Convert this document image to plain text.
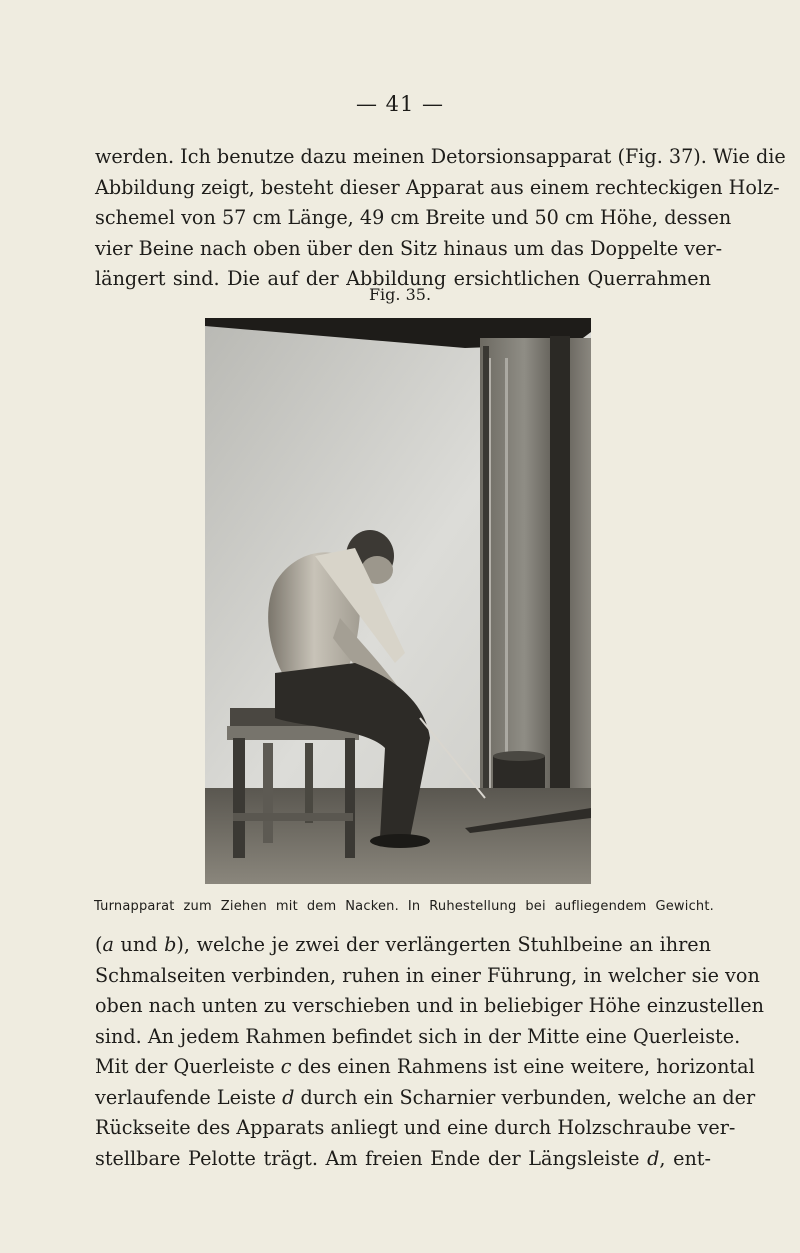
— 41 —
werden. Ich benutze dazu meinen Detorsionsapparat (Fig. 37). Wie die
Abbildung zeigt, besteht dieser Apparat aus einem rechteckigen Holz-
schemel von 57 cm Länge, 49 cm Breite und 50 cm Höhe, dessen
vier Beine nach oben über den Sitz hinaus um das Doppelte ver-
längert sind. Die auf der Abbildung ersichtlichen Querrahmen
Fig. 35.
Turnapparat zum Ziehen mit dem Nacken. In Ruhestellung bei aufliegendem Gewicht.
(a und b), welche je zwei der verlängerten Stuhlbeine an ihren
Schmalseiten verbinden, ruhen in einer Führung, in welcher sie von
oben nach unten zu verschieben und in beliebiger Höhe einzustellen
sind. An jedem Rahmen befindet sich in der Mitte eine Querleiste.
Mit der Querleiste c des einen Rahmens ist eine weitere, horizontal
verlaufende Leiste d durch ein Scharnier verbunden, welche an der
Rückseite des Apparats anliegt und eine durch Holzschraube ver-
stellbare Pelotte trägt. Am freien Ende der Längsleiste d, ent-
